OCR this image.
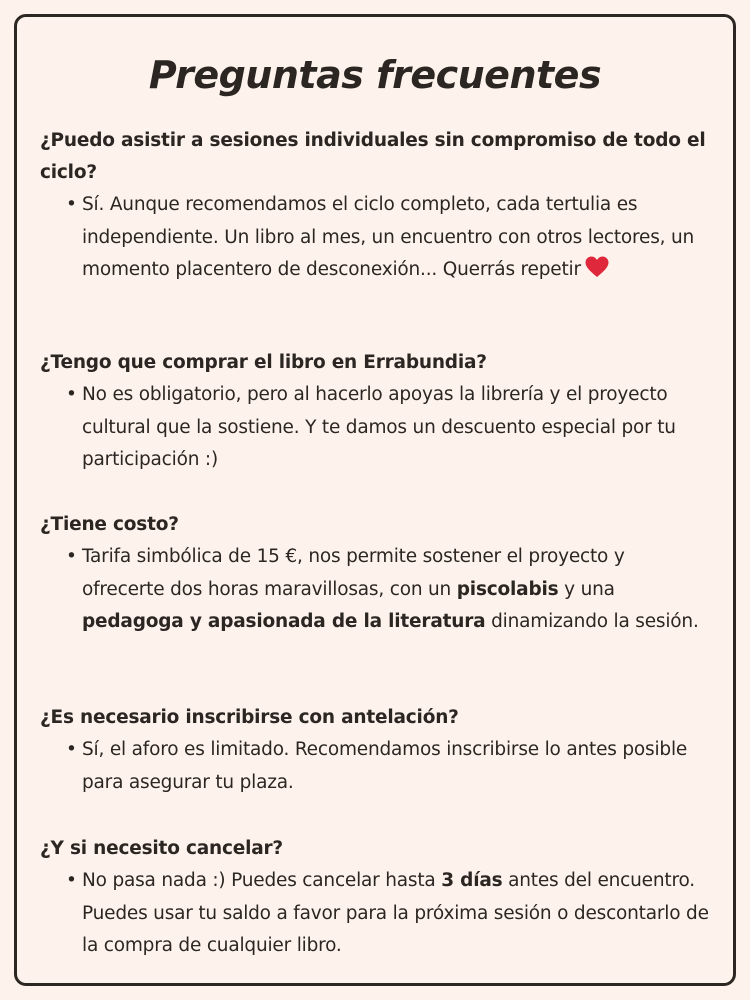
Preguntas frecuentes

¿Puedo asistir a sesiones individuales sin compromiso de todo el ciclo?

• Sí. Aunque recomendamos el ciclo completo, cada tertulia es independiente. Un libro al mes, un encuentro con otros lectores, un momento placentero de desconexión... Querrás repetir

¿Tengo que comprar el libro en Errabundia?

• No es obligatorio, pero al hacerlo apoyas la librería y el proyecto cultural que la sostiene. Y te damos un descuento especial por tu participación :)

¿Tiene costo?

• Tarifa simbólica de 15 €, nos permite sostener el proyecto y ofrecerte dos horas maravillosas, con un piscolabis y una pedagoga y apasionada de la literatura dinamizando la sesión.

¿Es necesario inscribirse con antelación?

• Sí, el aforo es limitado. Recomendamos inscribirse lo antes posible para asegurar tu plaza.

¿Y si necesito cancelar?

• No pasa nada :) Puedes cancelar hasta 3 días antes del encuentro. Puedes usar tu saldo a favor para la próxima sesión o descontarlo de la compra de cualquier libro.
